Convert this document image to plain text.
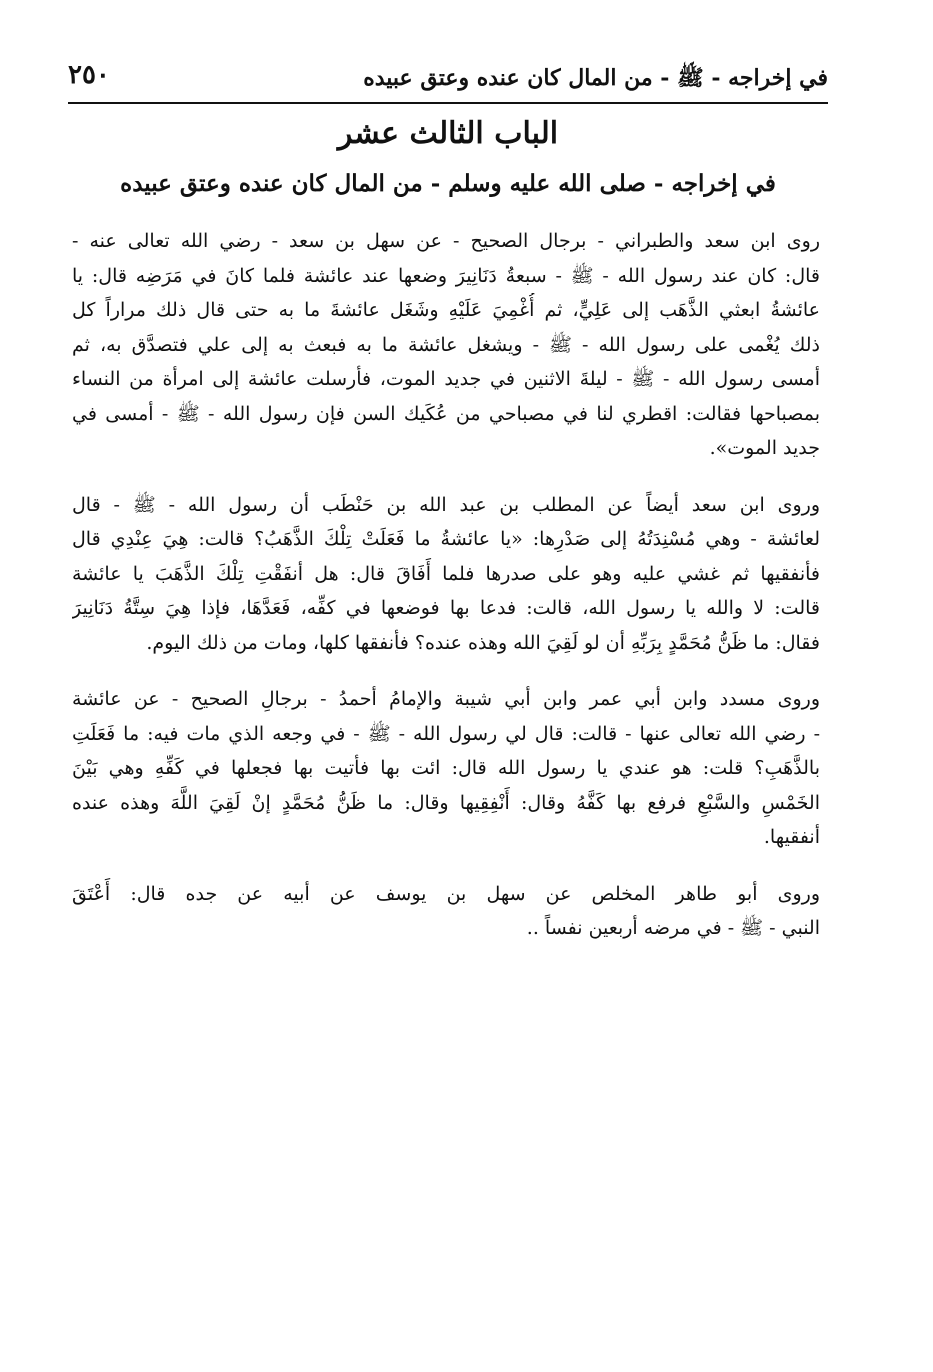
في إخراجه - ﷺ - من المال كان عنده وعتق عبيده
٢٥٠
الباب الثالث عشر
في إخراجه - صلى الله عليه وسلم - من المال كان عنده وعتق عبيده
روى ابن سعد والطبراني - برجال الصحيح - عن سهل بن سعد - رضي الله تعالى عنه -
قال: كان عند رسول الله - ﷺ - سبعةُ دَنَانِيرَ وضعها عند عائشة فلما كانَ في مَرَضِه قال: يا
عائشةُ ابعثي الذَّهَب إلى عَلِيٍّ، ثم أُغْمِيَ عَلَيْهِ وشَغَل عائشةَ ما به حتى قال ذلك مراراً كل
ذلك يُغْمى على رسول الله - ﷺ - ويشغل عائشة ما به فبعث به إلى علي فتصدَّق به، ثم
أمسى رسول الله - ﷺ - ليلةَ الاثنين في جديد الموت، فأرسلت عائشة إلى امرأة من النساء
بمصباحها فقالت: اقطري لنا في مصباحي من عُكَيك السن فإن رسول الله - ﷺ - أمسى في
جديد الموت».
وروى ابن سعد أيضاً عن المطلب بن عبد الله بن حَنْطَب أن رسول الله - ﷺ - قال
لعائشة - وهي مُسْنِدَتُهُ إلى صَدْرِها: «يا عائشةُ ما فَعَلَتْ تِلْكَ الذَّهَبُ؟ قالت: هِيَ عِنْدِي قال
فأنفقيها ثم غشي عليه وهو على صدرها فلما أَفَاقَ قال: هل أنفَقْتِ تِلْكَ الذَّهَبَ يا عائشة
قالت: لا والله يا رسول الله، قالت: فدعا بها فوضعها في كفِّه، فَعَدَّهَا، فإذا هِيَ سِتَّةُ دَنَانِيرَ
فقال: ما ظَنُّ مُحَمَّدٍ بِرَبِّهِ أن لو لَقِيَ الله وهذه عنده؟ فأنفقها كلها، ومات من ذلك اليوم.
وروى مسدد وابن أبي عمر وابن أبي شيبة والإمامُ أحمدُ - برجالِ الصحيح - عن عائشة
- رضي الله تعالى عنها - قالت: قال لي رسول الله - ﷺ - في وجعه الذي مات فيه: ما فَعَلَتِ
بالذَّهَبِ؟ قلت: هو عندي يا رسول الله قال: ائت بها فأتيت بها فجعلها في كَفِّهِ وهي بَيْنَ
الخَمْسِ والسَّبْعِ فرفع بها كَفَّهُ وقال: أَنْفِقِيها وقال: ما ظَنُّ مُحَمَّدٍ إنْ لَقِيَ اللَّهَ وهذه عنده
أنفقيها.
وروى أبو طاهر المخلص عن سهل بن يوسف عن أبيه عن جده قال: أَعْتَقَ
النبي - ﷺ - في مرضه أربعين نفساً ..
